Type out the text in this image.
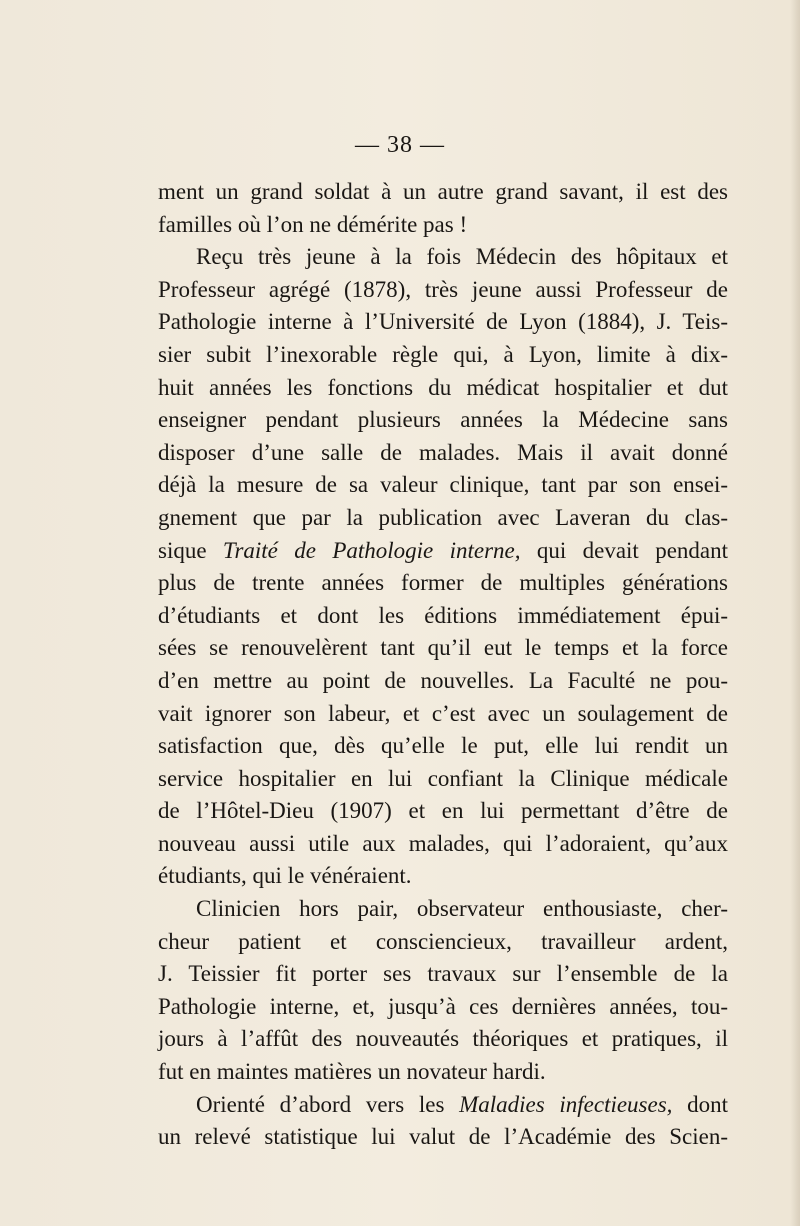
— 38 —
ment un grand soldat à un autre grand savant, il est des
familles où l’on ne démérite pas !
Reçu très jeune à la fois Médecin des hôpitaux et
Professeur agrégé (1878), très jeune aussi Professeur de
Pathologie interne à l’Université de Lyon (1884), J. Teis-
sier subit l’inexorable règle qui, à Lyon, limite à dix-
huit années les fonctions du médicat hospitalier et dut
enseigner pendant plusieurs années la Médecine sans
disposer d’une salle de malades. Mais il avait donné
déjà la mesure de sa valeur clinique, tant par son ensei-
gnement que par la publication avec Laveran du clas-
sique Traité de Pathologie interne, qui devait pendant
plus de trente années former de multiples générations
d’étudiants et dont les éditions immédiatement épui-
sées se renouvelèrent tant qu’il eut le temps et la force
d’en mettre au point de nouvelles. La Faculté ne pou-
vait ignorer son labeur, et c’est avec un soulagement de
satisfaction que, dès qu’elle le put, elle lui rendit un
service hospitalier en lui confiant la Clinique médicale
de l’Hôtel-Dieu (1907) et en lui permettant d’être de
nouveau aussi utile aux malades, qui l’adoraient, qu’aux
étudiants, qui le vénéraient.
Clinicien hors pair, observateur enthousiaste, cher-
cheur patient et consciencieux, travailleur ardent,
J. Teissier fit porter ses travaux sur l’ensemble de la
Pathologie interne, et, jusqu’à ces dernières années, tou-
jours à l’affût des nouveautés théoriques et pratiques, il
fut en maintes matières un novateur hardi.
Orienté d’abord vers les Maladies infectieuses, dont
un relevé statistique lui valut de l’Académie des Scien-
